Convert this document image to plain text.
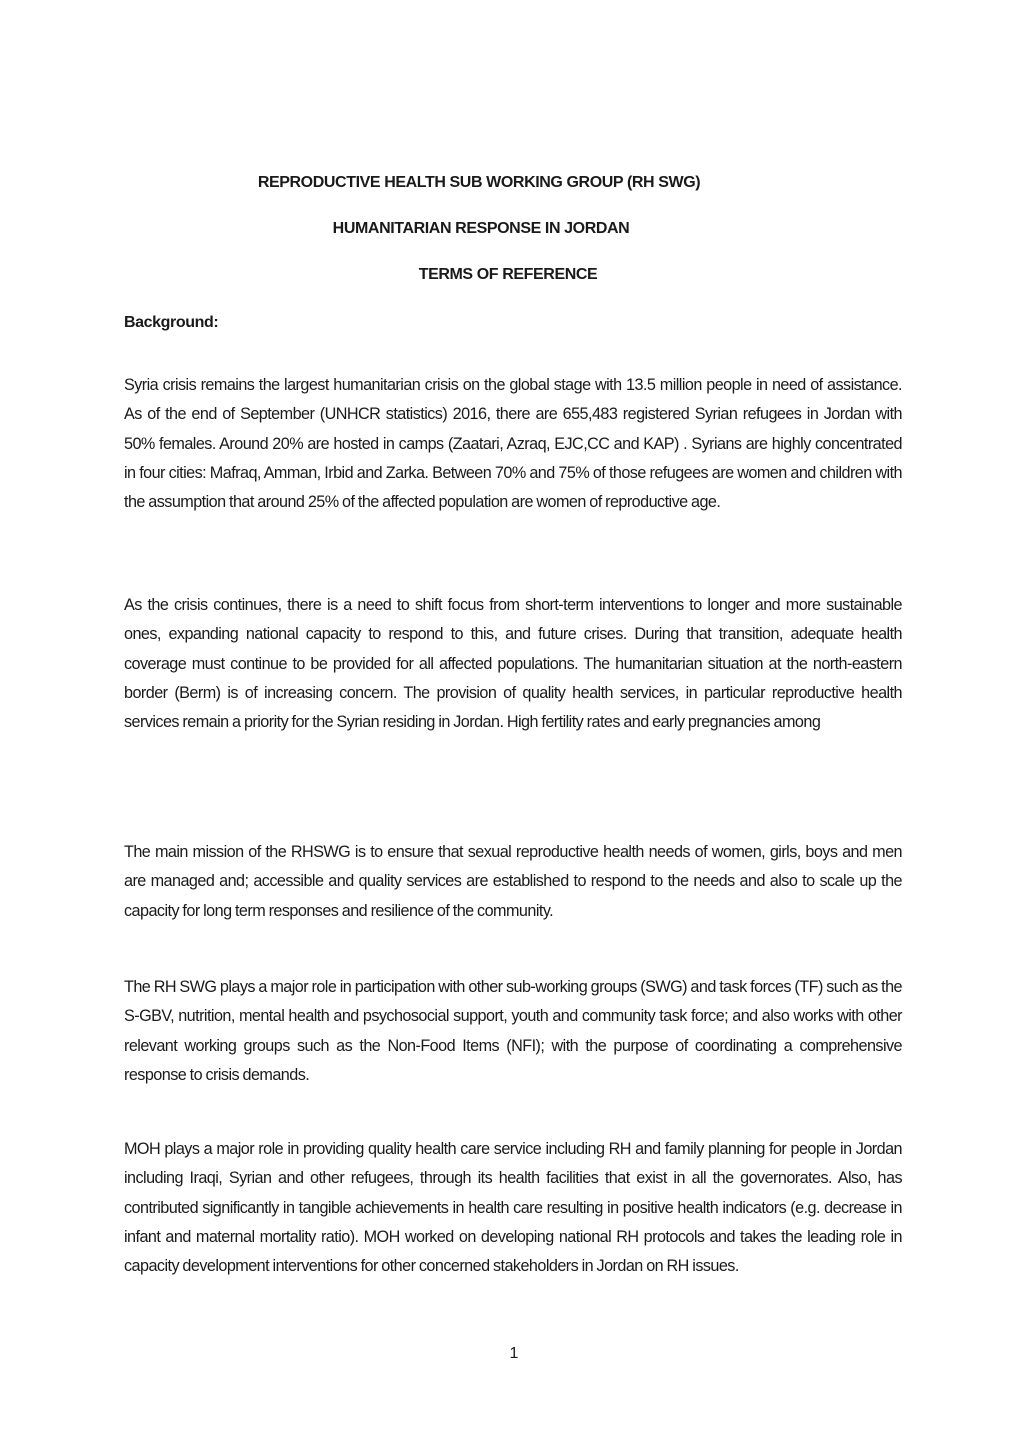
REPRODUCTIVE HEALTH SUB WORKING GROUP (RH SWG)
HUMANITARIAN RESPONSE IN JORDAN
TERMS OF REFERENCE
Background:

Syria crisis remains the largest humanitarian crisis on the global stage with 13.5 million people in need of assistance. As of the end of September (UNHCR statistics) 2016, there are 655,483 registered Syrian refugees in Jordan with 50% females. Around 20% are hosted in camps (Zaatari, Azraq, EJC,CC and KAP) . Syrians are highly concentrated in four cities: Mafraq, Amman, Irbid and Zarka. Between 70% and 75% of those refugees are women and children with the assumption that around 25% of the affected population are women of reproductive age.

As the crisis continues, there is a need to shift focus from short-term interventions to longer and more sustainable ones, expanding national capacity to respond to this, and future crises. During that transition, adequate health coverage must continue to be provided for all affected populations. The humanitarian situation at the north-eastern border (Berm) is of increasing concern. The provision of quality health services, in particular reproductive health services remain a priority for the Syrian residing in Jordan. High fertility rates and early pregnancies among

The main mission of the RHSWG is to ensure that sexual reproductive health needs of women, girls, boys and men are managed and; accessible and quality services are established to respond to the needs and also to scale up the capacity for long term responses and resilience of the community.

The RH SWG plays a major role in participation with other sub-working groups (SWG) and task forces (TF) such as the S-GBV, nutrition, mental health and psychosocial support, youth and community task force; and also works with other relevant working groups such as the Non-Food Items (NFI); with the purpose of coordinating a comprehensive response to crisis demands.

MOH plays a major role in providing quality health care service including RH and family planning for people in Jordan including Iraqi, Syrian and other refugees, through its health facilities that exist in all the governorates. Also, has contributed significantly in tangible achievements in health care resulting in positive health indicators (e.g. decrease in infant and maternal mortality ratio). MOH worked on developing national RH protocols and takes the leading role in capacity development interventions for other concerned stakeholders in Jordan on RH issues.

1
